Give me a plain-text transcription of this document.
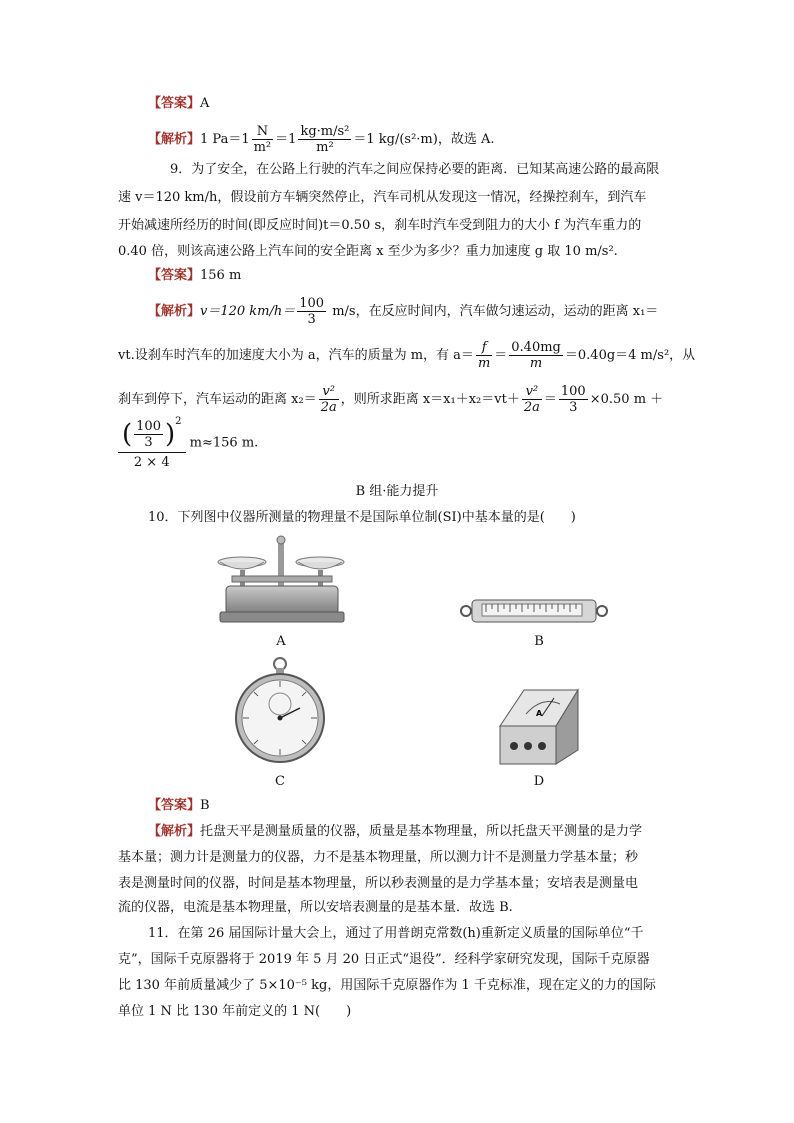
【答案】A
【解析】1 $Pa=1 \frac{N}{\text{m²}} =1 \frac{\text{kg·m/s²}}{\text{m²}} =1$ kg/(s²·m)，故选 A.
9．为了安全，在公路上行驶的汽车之间应保持必要的距离．已知某高速公路的最高限
速 v＝120 km/h，假设前方车辆突然停止，汽车司机从发现这一情况，经操控刹车，到汽车
开始减速所经历的时间(即反应时间)t＝0.50 s，刹车时汽车受到阻力的大小 f 为汽车重力的
0.40 倍，则该高速公路上汽车间的安全距离 x 至少为多少？重力加速度 g 取 10 m/s².
【答案】156 m
【解析】v＝120 $km/h= \frac{100}{3} m/s$，在反应时间内，汽车做匀速运动，运动的距离 x₁＝
vt.设刹车时汽车的加速度大小为 a，汽车的质量为 m，有 $a= \frac{f}{m} = \frac{0.40mg}{m} =0.40g=4$ m/s²，从
刹车到停下，汽车运动的距离 $x_2= \frac{\text{v²}}{2a}$ ，则所求距离 $x=x_1+x_2=vt+ \frac{\text{v²}}{2a} = \frac{100}{3} \times 0.50$ m ＋
$\frac{( \frac{100}{3} )^2}{2 \times 4} m\approx 156$ m.
B 组·能力提升
10．下列图中仪器所测量的物理量不是国际单位制(SI)中基本量的是(　　)
A	B
C
A
D
【答案】B
【解析】托盘天平是测量质量的仪器，质量是基本物理量，所以托盘天平测量的是力学
基本量；测力计是测量力的仪器，力不是基本物理量，所以测力计不是测量力学基本量；秒
表是测量时间的仪器，时间是基本物理量，所以秒表测量的是力学基本量；安培表是测量电
流的仪器，电流是基本物理量，所以安培表测量的是基本量．故选 B.
11．在第 26 届国际计量大会上，通过了用普朗克常数(h)重新定义质量的国际单位“千
克”，国际千克原器将于 2019 年 5 月 20 日正式“退役”．经科学家研究发现，国际千克原器
比 130 年前质量减少了 5×10⁻⁵ kg，用国际千克原器作为 1 千克标准，现在定义的力的国际
单位 1 N 比 130 年前定义的 1 N(　　)
